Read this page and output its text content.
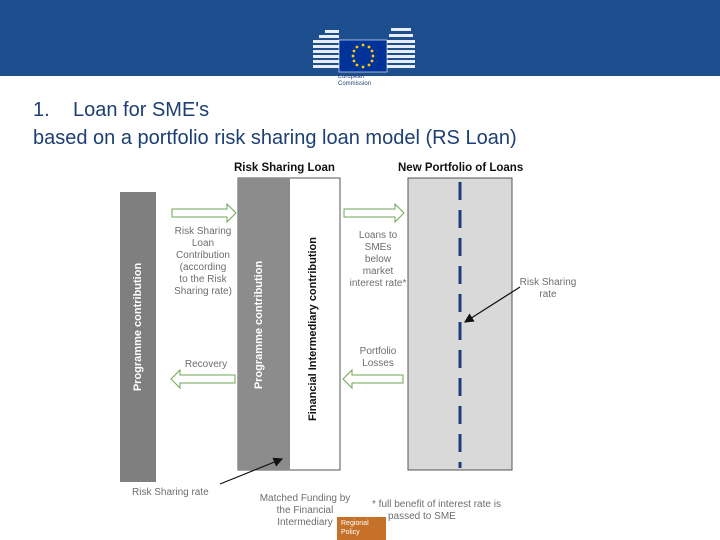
European
Commission
1. Loan for SME's
based on a portfolio risk sharing loan model (RS Loan)
Risk Sharing Loan	New Portfolio of Loans
Programme contribution	Programme contribution	Financial Intermediary contribution
Risk Sharing
Loan
Contribution
(according
to the Risk
Sharing rate)
Recovery
Loans to
SMEs
below
market
interest rate*
Portfolio
Losses
Risk Sharing
rate
Risk Sharing rate
Matched Funding by
the Financial
Intermediary
* full benefit of interest rate is
passed to SME
Regional
Policy
